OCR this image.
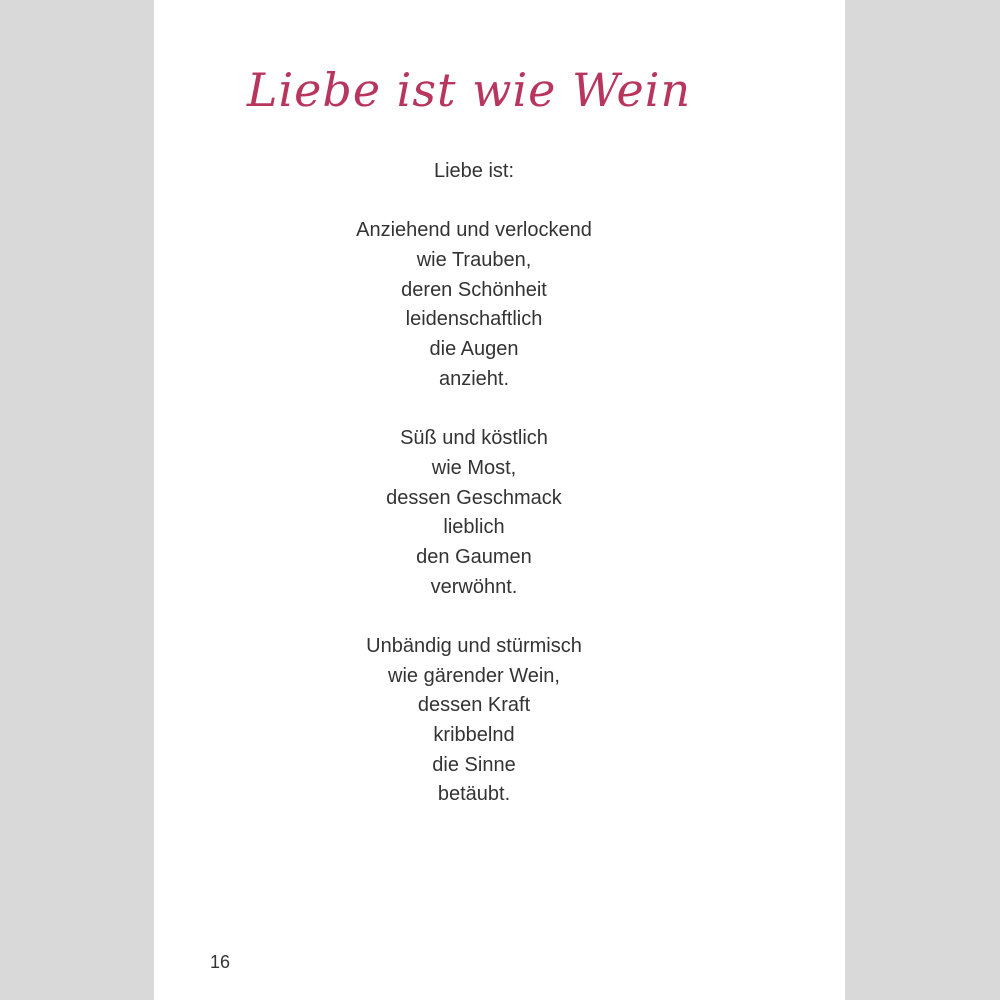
Liebe ist wie Wein
Liebe ist:
Anziehend und verlockend
wie Trauben,
deren Schönheit
leidenschaftlich
die Augen
anzieht.
Süß und köstlich
wie Most,
dessen Geschmack
lieblich
den Gaumen
verwöhnt.
Unbändig und stürmisch
wie gärender Wein,
dessen Kraft
kribbelnd
die Sinne
betäubt.
16
